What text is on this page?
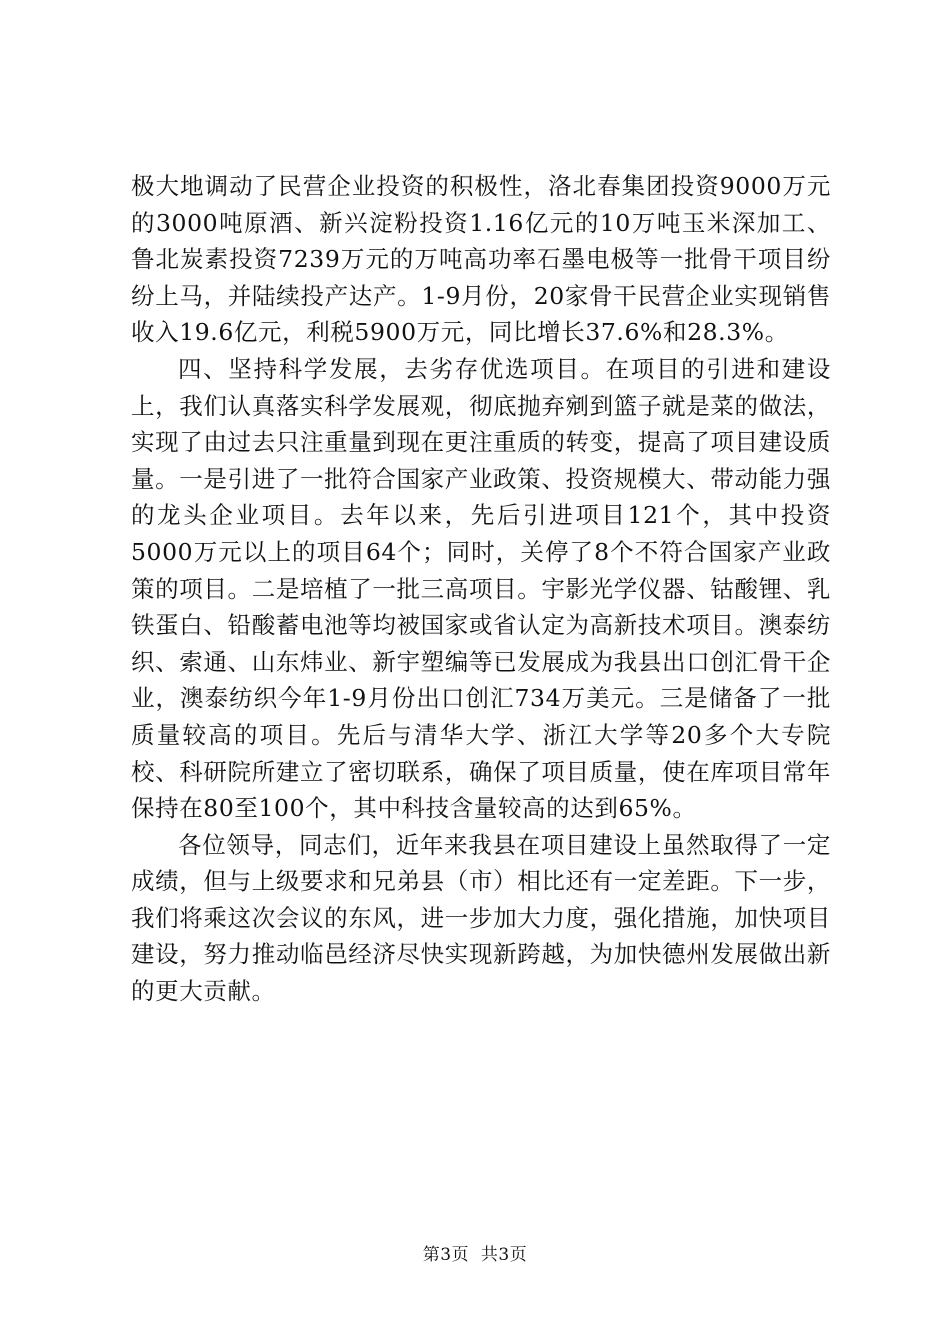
极大地调动了民营企业投资的积极性，洛北春集团投资9000万元的3000吨原酒、新兴淀粉投资1.16亿元的10万吨玉米深加工、鲁北炭素投资7239万元的万吨高功率石墨电极等一批骨干项目纷纷上马，并陆续投产达产。1-9月份，20家骨干民营企业实现销售收入19.6亿元，利税5900万元，同比增长37.6%和28.3%。

四、坚持科学发展，去劣存优选项目。在项目的引进和建设上，我们认真落实科学发展观，彻底抛弃剜到篮子就是菜的做法，实现了由过去只注重量到现在更注重质的转变，提高了项目建设质量。一是引进了一批符合国家产业政策、投资规模大、带动能力强的龙头企业项目。去年以来，先后引进项目121个，其中投资5000万元以上的项目64个；同时，关停了8个不符合国家产业政策的项目。二是培植了一批三高项目。宇影光学仪器、钴酸锂、乳铁蛋白、铅酸蓄电池等均被国家或省认定为高新技术项目。澳泰纺织、索通、山东炜业、新宇塑编等已发展成为我县出口创汇骨干企业，澳泰纺织今年1-9月份出口创汇734万美元。三是储备了一批质量较高的项目。先后与清华大学、浙江大学等20多个大专院校、科研院所建立了密切联系，确保了项目质量，使在库项目常年保持在80至100个，其中科技含量较高的达到65%。

各位领导，同志们，近年来我县在项目建设上虽然取得了一定成绩，但与上级要求和兄弟县（市）相比还有一定差距。下一步，我们将乘这次会议的东风，进一步加大力度，强化措施，加快项目建设，努力推动临邑经济尽快实现新跨越，为加快德州发展做出新的更大贡献。

第3页  共3页
